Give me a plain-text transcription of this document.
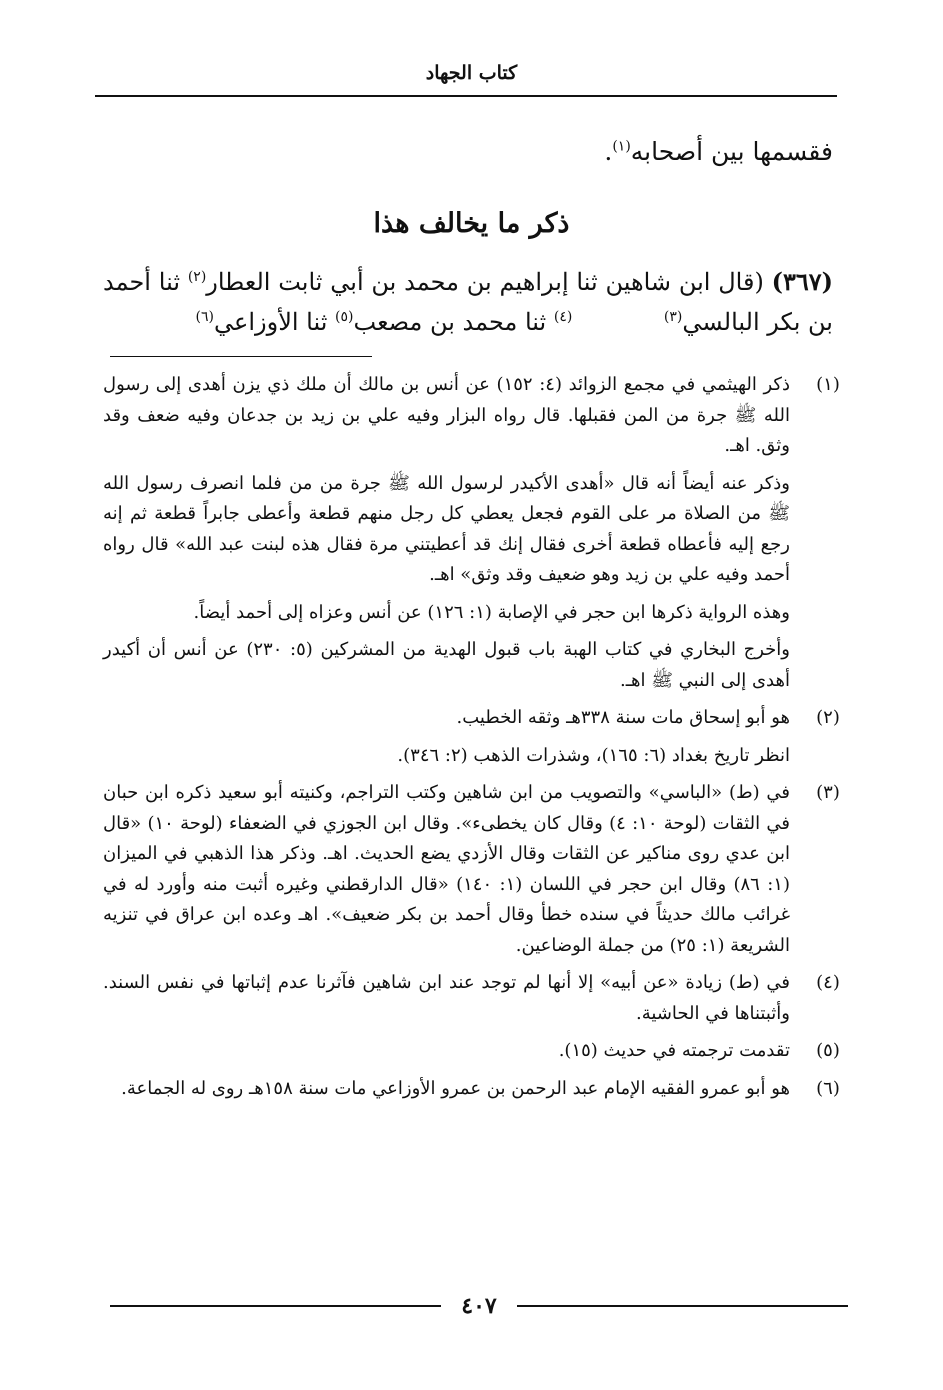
كتاب الجهاد
فقسمها بين أصحابه$^{(١)}$.
ذكر ما يخالف هذا
(٣٦٧) (قال ابن شاهين ثنا إبراهيم بن محمد بن أبي ثابت العطار$^{(٢)}$ ثنا أحمد بن بكر البالسي$^{(٣)}$            $^{(٤)}$ ثنا محمد بن مصعب$^{(٥)}$ ثنا الأوزاعي$^{(٦)}$
(١)

ذكر الهيثمي في مجمع الزوائد (٤: ١٥٢) عن أنس بن مالك أن ملك ذي يزن أهدى إلى رسول الله ﷺ جرة من المن فقبلها. قال رواه البزار وفيه علي بن زيد بن جدعان وفيه ضعف وقد وثق. اهـ.

وذكر عنه أيضاً أنه قال «أهدى الأكيدر لرسول الله ﷺ جرة من من فلما انصرف رسول الله ﷺ من الصلاة مر على القوم فجعل يعطي كل رجل منهم قطعة وأعطى جابراً قطعة ثم إنه رجع إليه فأعطاه قطعة أخرى فقال إنك قد أعطيتني مرة فقال هذه لبنت عبد الله» قال رواه أحمد وفيه علي بن زيد وهو ضعيف وقد وثق» اهـ.

وهذه الرواية ذكرها ابن حجر في الإصابة (١: ١٢٦) عن أنس وعزاه إلى أحمد أيضاً.

وأخرج البخاري في كتاب الهبة باب قبول الهدية من المشركين (٥: ٢٣٠) عن أنس أن أكيدر أهدى إلى النبي ﷺ اهـ.

(٢)

هو أبو إسحاق مات سنة ٣٣٨هـ وثقه الخطيب.

انظر تاريخ بغداد (٦: ١٦٥)، وشذرات الذهب (٢: ٣٤٦).

(٣)

في (ط) «الباسي» والتصويب من ابن شاهين وكتب التراجم، وكنيته أبو سعيد ذكره ابن حبان في الثقات (لوحة ١٠: ٤) وقال كان يخطىء». وقال ابن الجوزي في الضعفاء (لوحة ١٠) «قال ابن عدي روى مناكير عن الثقات وقال الأزدي يضع الحديث. اهـ. وذكر هذا الذهبي في الميزان (١: ٨٦) وقال ابن حجر في اللسان (١: ١٤٠) «قال الدارقطني وغيره أثبت منه وأورد له في غرائب مالك حديثاً في سنده خطأ وقال أحمد بن بكر ضعيف». اهـ وعده ابن عراق في تنزيه الشريعة (١: ٢٥) من جملة الوضاعين.

(٤)

في (ط) زيادة «عن أبيه» إلا أنها لم توجد عند ابن شاهين فآثرنا عدم إثباتها في نفس السند. وأثبتناها في الحاشية.

(٥)

تقدمت ترجمته في حديث (١٥).

(٦)

هو أبو عمرو الفقيه الإمام عبد الرحمن بن عمرو الأوزاعي مات سنة ١٥٨هـ روى له الجماعة.

٤٠٧
